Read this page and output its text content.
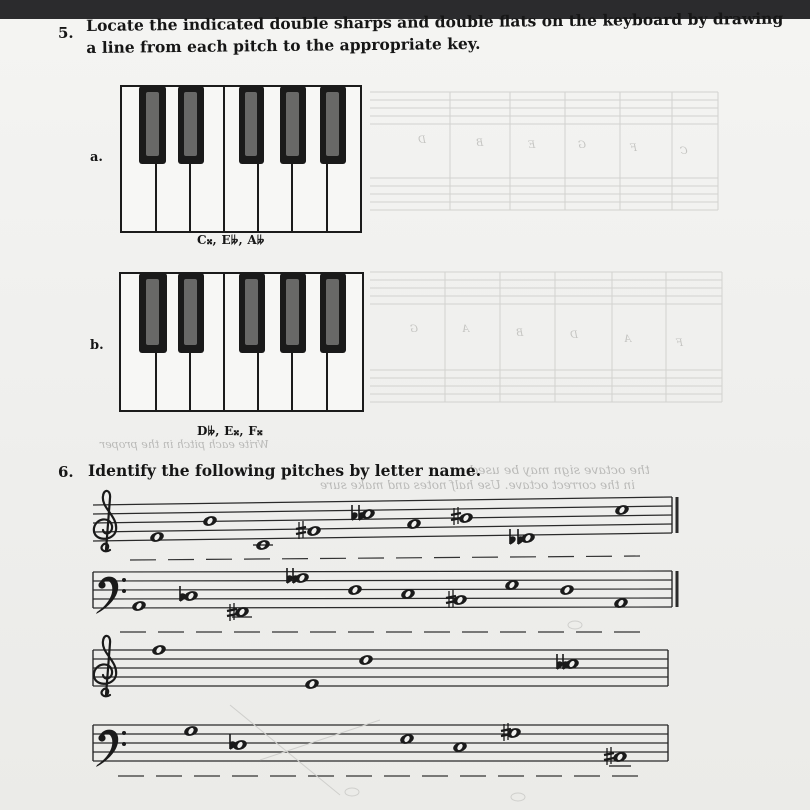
D	B	E	G	F	C
G	A	B	D	A	F
the octave sign may be used
in the correct octave. Use half notes and make sure
Write each pitch in the proper
5. Locate the indicated double sharps and double flats on the keyboard by drawing
a line from each pitch to the appropriate key.
a.
b.
C𝄪, E𝄫, A𝄫
D𝄫, E𝄪, F𝄪
6. Identify the following pitches by letter name.
